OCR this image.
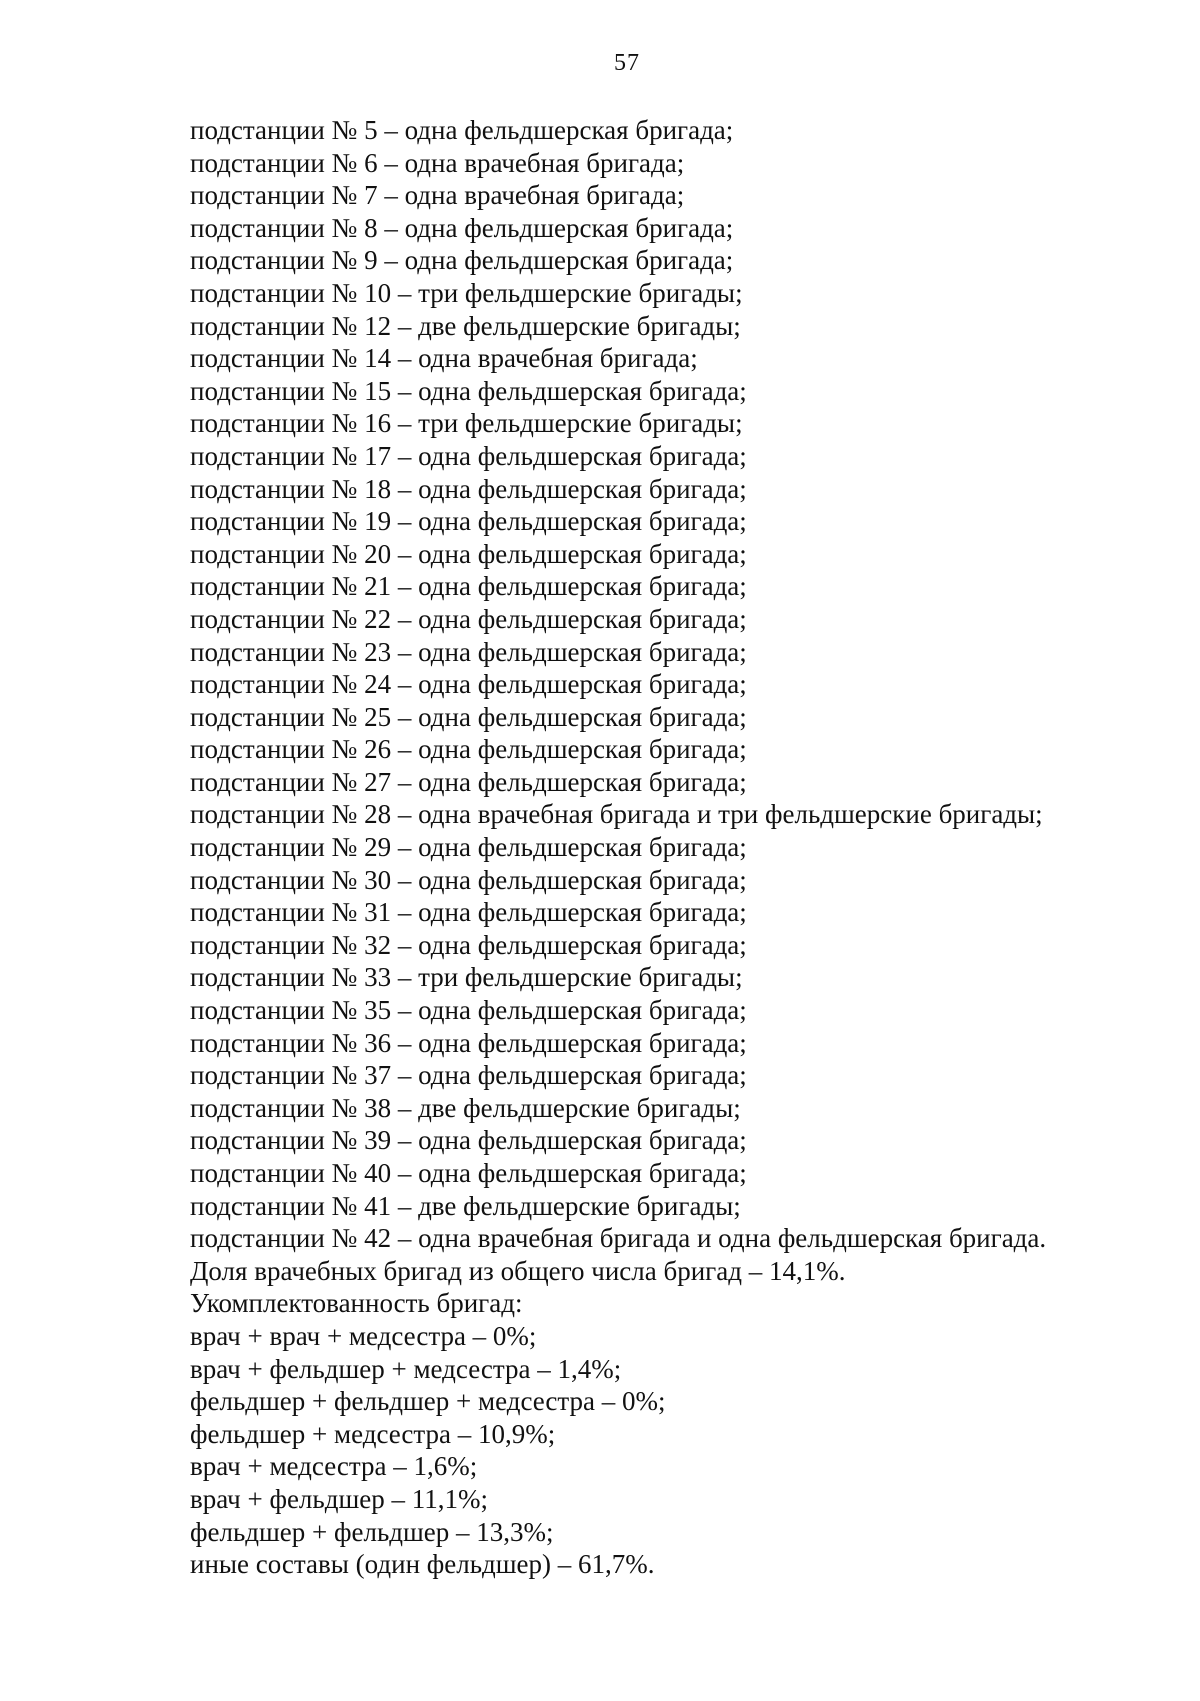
57
подстанции № 5 – одна фельдшерская бригада;
подстанции № 6 – одна врачебная бригада;
подстанции № 7 – одна врачебная бригада;
подстанции № 8 – одна фельдшерская бригада;
подстанции № 9 – одна фельдшерская бригада;
подстанции № 10 – три фельдшерские бригады;
подстанции № 12 – две фельдшерские бригады;
подстанции № 14 – одна врачебная бригада;
подстанции № 15 – одна фельдшерская бригада;
подстанции № 16 – три фельдшерские бригады;
подстанции № 17 – одна фельдшерская бригада;
подстанции № 18 – одна фельдшерская бригада;
подстанции № 19 – одна фельдшерская бригада;
подстанции № 20 – одна фельдшерская бригада;
подстанции № 21 – одна фельдшерская бригада;
подстанции № 22 – одна фельдшерская бригада;
подстанции № 23 – одна фельдшерская бригада;
подстанции № 24 – одна фельдшерская бригада;
подстанции № 25 – одна фельдшерская бригада;
подстанции № 26 – одна фельдшерская бригада;
подстанции № 27 – одна фельдшерская бригада;
подстанции № 28 – одна врачебная бригада и три фельдшерские бригады;
подстанции № 29 – одна фельдшерская бригада;
подстанции № 30 – одна фельдшерская бригада;
подстанции № 31 – одна фельдшерская бригада;
подстанции № 32 – одна фельдшерская бригада;
подстанции № 33 – три фельдшерские бригады;
подстанции № 35 – одна фельдшерская бригада;
подстанции № 36 – одна фельдшерская бригада;
подстанции № 37 – одна фельдшерская бригада;
подстанции № 38 – две фельдшерские бригады;
подстанции № 39 – одна фельдшерская бригада;
подстанции № 40 – одна фельдшерская бригада;
подстанции № 41 – две фельдшерские бригады;
подстанции № 42 – одна врачебная бригада и одна фельдшерская бригада.
Доля врачебных бригад из общего числа бригад – 14,1%.
Укомплектованность бригад:
врач + врач + медсестра – 0%;
врач + фельдшер + медсестра – 1,4%;
фельдшер + фельдшер + медсестра – 0%;
фельдшер + медсестра – 10,9%;
врач + медсестра – 1,6%;
врач + фельдшер – 11,1%;
фельдшер + фельдшер – 13,3%;
иные составы (один фельдшер) – 61,7%.
